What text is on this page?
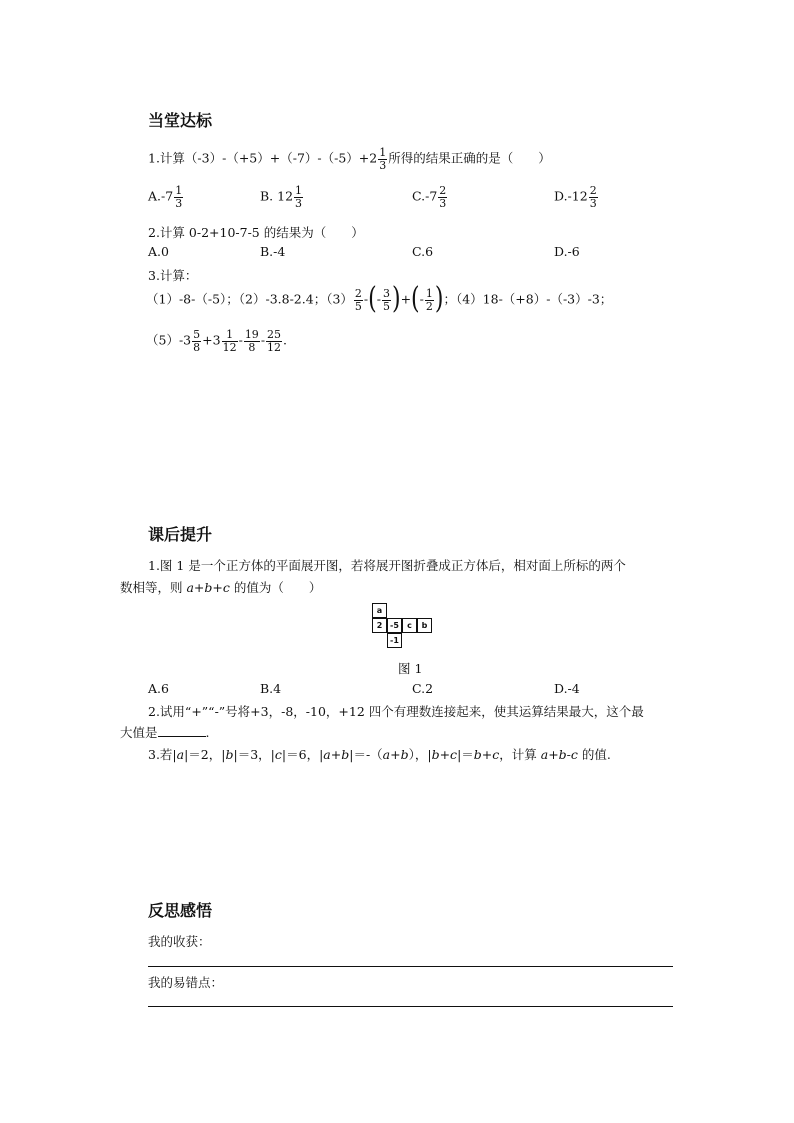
当堂达标
1.计算$(-3)-(+5)+(-7)-(-5)+2 \frac{1}{3}$ 所得的结果正确的是（　　）
$A.-7 \frac{1}{3}$	B. $12 \frac{1}{3}$	$C.-7 \frac{2}{3}$	$D.-12 \frac{2}{3}$
2.计算 0-2+10-7-5 的结果为（　　）
A.0	B.-4	C.6	D.-6
3.计算：
（1）-8-（-5）；（2）-3.8-2.4；$(3) \frac{2}{5}$ -(- $\frac{3}{5}$ )+(- $\frac{1}{2}$ )；（4）18-（+8）-（-3）-3；
$(5)-3 \frac{5}{8} +3 \frac{1}{12} - \frac{19}{8} - \frac{25}{12}$ .
课后提升
1.图 1 是一个正方体的平面展开图，若将展开图折叠成正方体后，相对面上所标的两个
数相等，则 a+b+c 的值为（　　）
a
2 -5	c	b
-1
图 1
A.6	B.4	C.2	D.-4
2.试用“+”“-”号将+3，-8，-10，+12 四个有理数连接起来，使其运算结果最大，这个最
大值是	.
3.若|a|＝2，|b|＝3，|c|＝6，|a+b|＝-（a+b），|b+c|＝b+c，计算 a+b-c 的值.
反思感悟
我的收获：
我的易错点：
